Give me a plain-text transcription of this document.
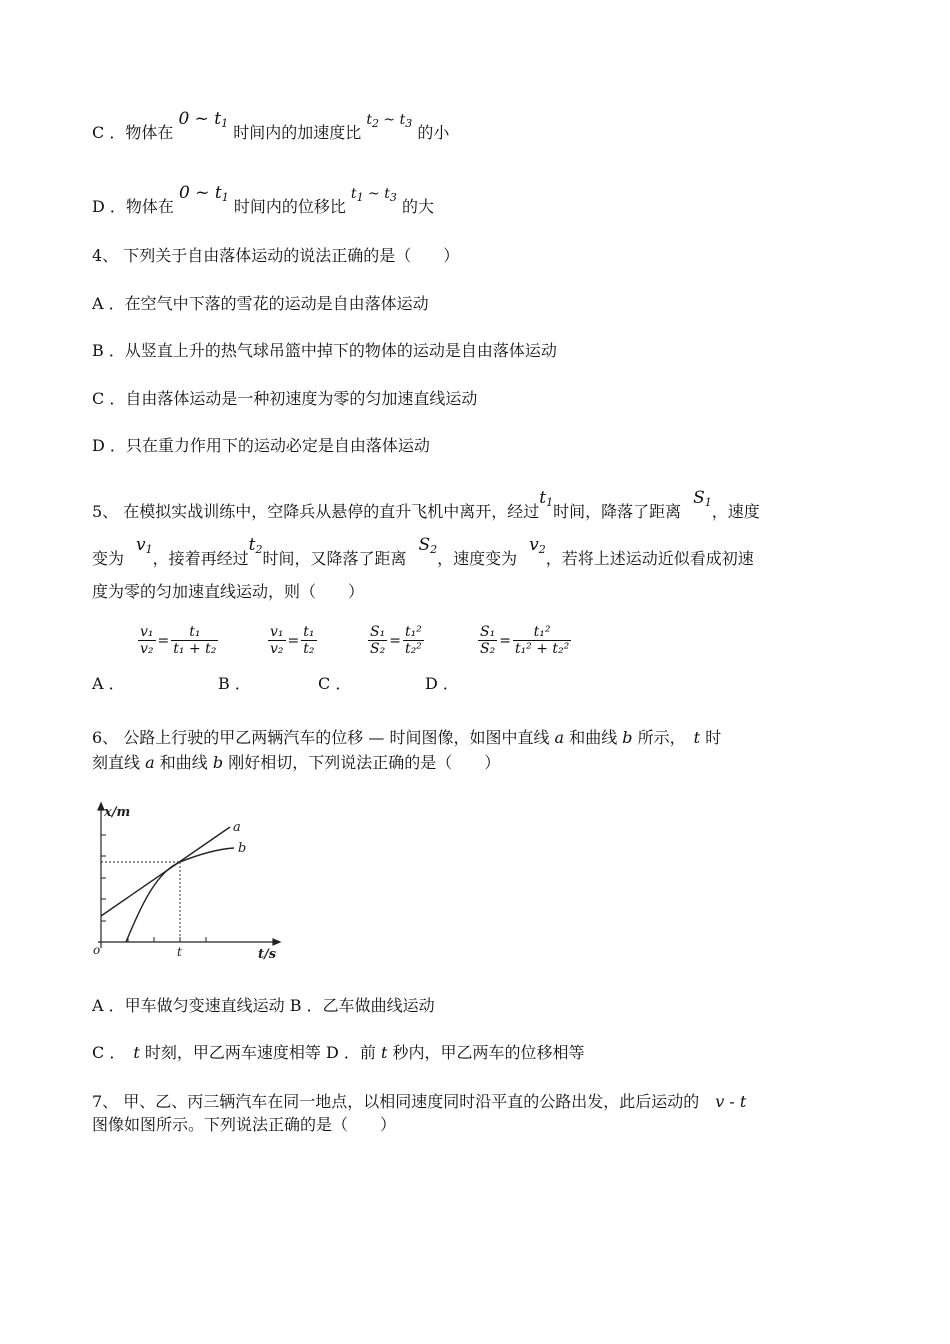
C ．物体在 0 ~ $t_1$ 时间内的加速度比 $t_2$ ~ $t_3$ 的小
D ．物体在 0 ~ $t_1$ 时间内的位移比 $t_1$ ~ $t_3$ 的大
4、 下列关于自由落体运动的说法正确的是（　　）
A ．在空气中下落的雪花的运动是自由落体运动
B ．从竖直上升的热气球吊篮中掉下的物体的运动是自由落体运动
C ．自由落体运动是一种初速度为零的匀加速直线运动
D ．只在重力作用下的运动必定是自由落体运动
5、 在模拟实战训练中，空降兵从悬停的直升飞机中离开，经过$t_1$时间，降落了距离$S_1$，速度
变为$v_1$，接着再经过$t_2$时间，又降落了距离$S_2$，速度变为$v_2$，若将上述运动近似看成初速
度为零的匀加速直线运动，则（　　）
A ．
$\frac{\text{v₁}}{\text{v₂}} = \frac{\text{t₁}}{\text{t₁ + t₂}}$
B ．
$\frac{\text{v₁}}{\text{v₂}} = \frac{\text{t₁}}{\text{t₂}}$
C ．
$\frac{\text{S₁}}{\text{S₂}} = \frac{\text{t₁²}}{\text{t₂²}}$
D ．
$\frac{\text{S₁}}{\text{S₂}} = \frac{\text{t₁²}}{\text{t₁² + t₂²}}$
6、 公路上行驶的甲乙两辆汽车的位移 — 时间图像，如图中直线 a 和曲线 b 所示，　 t 时
刻直线 a 和曲线 b 刚好相切，下列说法正确的是（　　）
x/m
t/s
o	t
a
b
A ．甲车做匀变速直线运动 B ．乙车做曲线运动
C ．　 t 时刻，甲乙两车速度相等 D ．前 t 秒内，甲乙两车的位移相等
7、 甲、乙、丙三辆汽车在同一地点，以相同速度同时沿平直的公路出发，此后运动的　 v - t
图像如图所示。下列说法正确的是（　　）
